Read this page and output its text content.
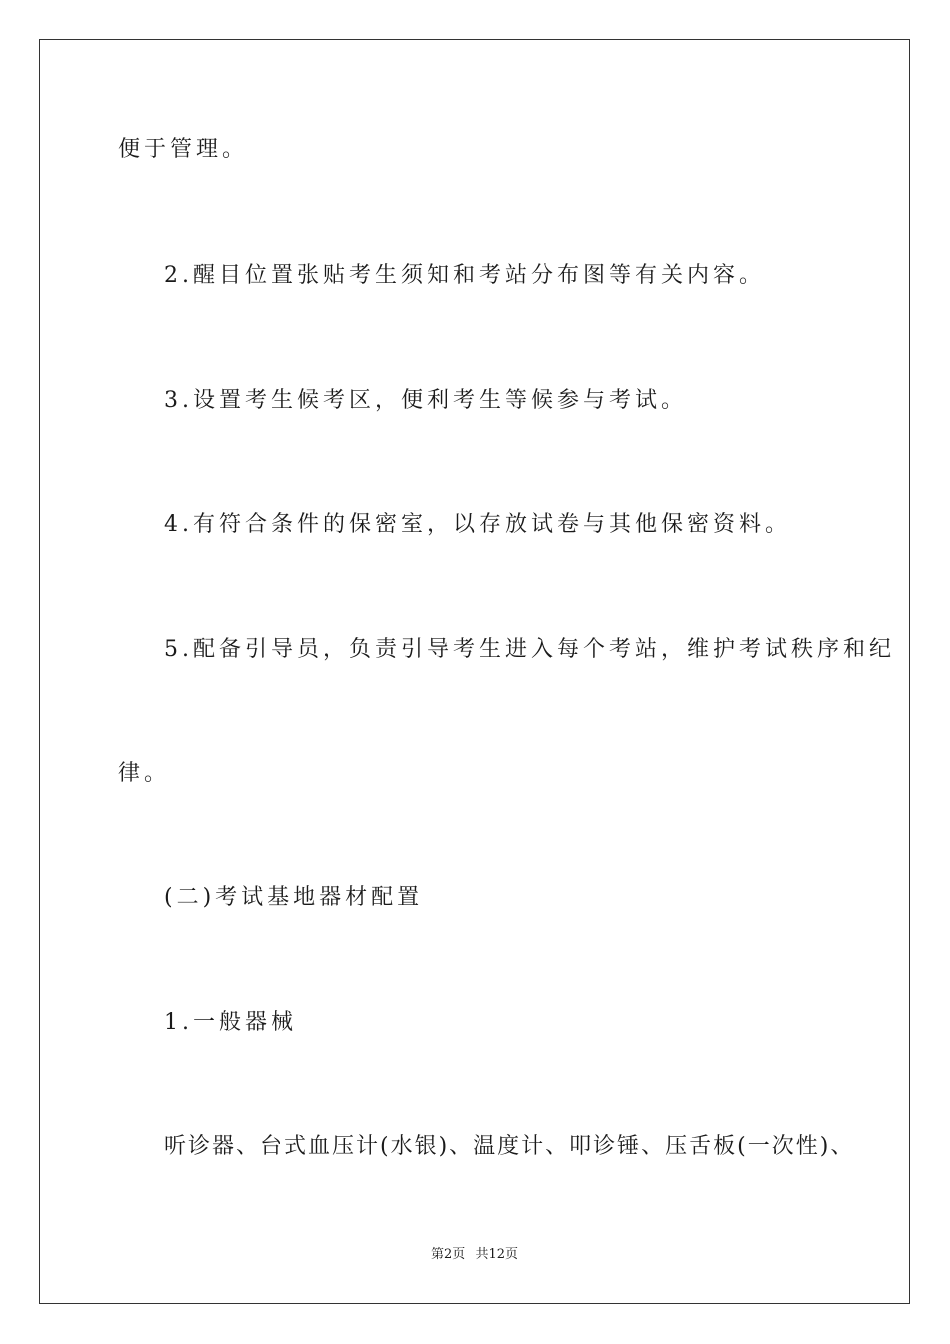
便于管理。
2.醒目位置张贴考生须知和考站分布图等有关内容。
3.设置考生候考区，便利考生等候参与考试。
4.有符合条件的保密室，以存放试卷与其他保密资料。
5.配备引导员，负责引导考生进入每个考站，维护考试秩序和纪
律。
(二)考试基地器材配置
1.一般器械
听诊器、台式血压计(水银)、温度计、叩诊锤、压舌板(一次性)、
第2页 共12页
